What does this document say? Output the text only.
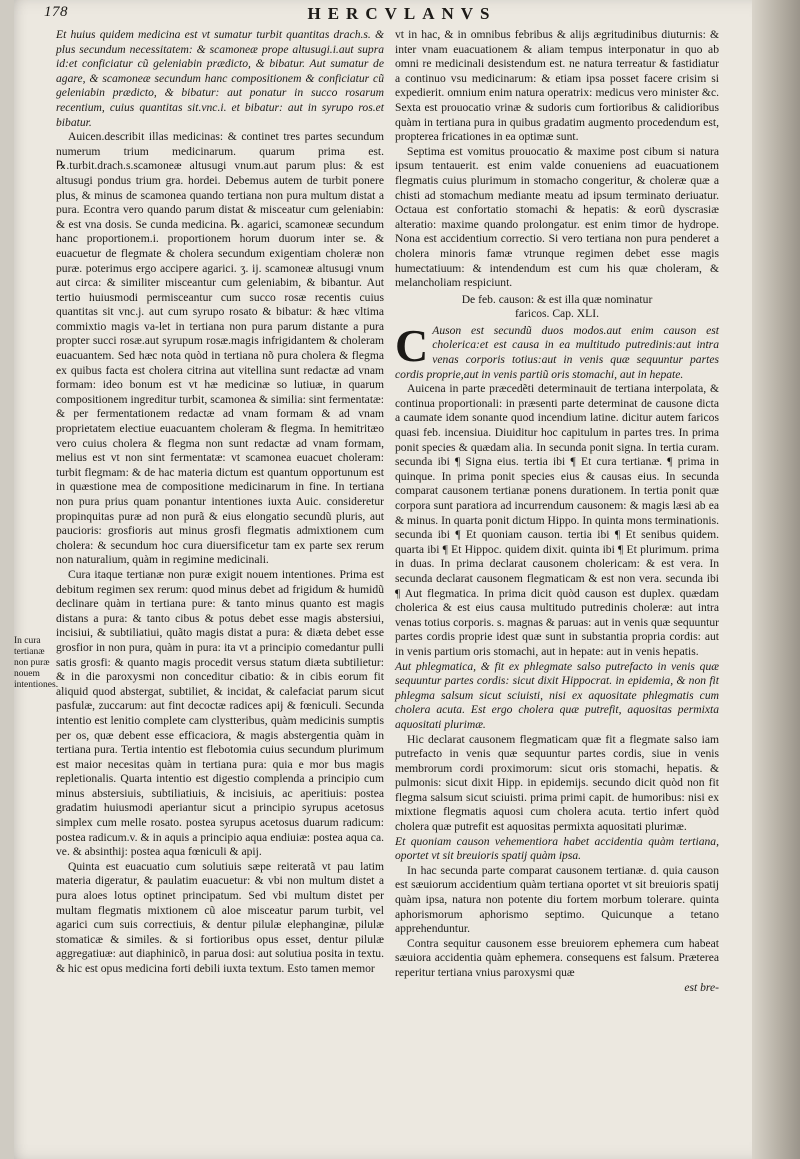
178	HERCVLANVS
In cura tertianæ non puræ nouem intentiones.

Et huius quidem medicina est vt sumatur turbit quantitas drach.s. & plus secundum necessitatem: & scamoneæ prope altusugi.i.aut supra id:et conficiatur cũ geleniabin prædicto, & bibatur. Aut sumatur de agare, & scamoneæ secundum hanc compositionem & conficiatur cũ geleniabin prædicto, & bibatur: aut ponatur in succo rosarum recentium, cuius quantitas sit.vnc.i. et bibatur: aut in syrupo ros.et bibatur.

Auicen.describit illas medicinas: & continet tres partes secundum numerum trium medicinarum. quarum prima est. ℞.turbit.drach.s.scamoneæ altusugi vnum.aut parum plus: & est altusugi pondus trium gra. hordei. Debemus autem de turbit ponere plus, & minus de scamonea quando tertiana non pura multum distat a pura. Econtra vero quando parum distat & misceatur cum geleniabin: & est vna dosis. Se cunda medicina. ℞. agarici, scamoneæ secundum hanc proportionem.i. proportionem horum duorum inter se. & euacuetur de flegmate & cholera secundum exigentiam choleræ non puræ. poterimus ergo accipere agarici. ʒ. ij. scamoneæ altusugi vnum aut circa: & similiter misceantur cum geleniabim, & bibantur. Aut tertio huiusmodi permisceantur cum succo rosæ recentis cuius quantitas sit vnc.j. aut cum syrupo rosato & bibatur: & hæc vltima commixtio magis va-let in tertiana non pura parum distante a pura propter succi rosæ.aut syrupum rosæ.magis infrigidantem & choleram euacuantem. Sed hæc nota quòd in tertiana nõ pura cholera & flegma ex quibus facta est cholera citrina aut vitellina sunt redactæ ad vnam formam: ideo bonum est vt hæ medicinæ so lutiuæ, in quarum compositionem ingreditur turbit, scamonea & similia: sint fermentatæ: & per fermentationem redactæ ad vnam formam & ad vnam proprietatem electiue euacuantem choleram & flegma. In hemitritæo vero cuius cholera & flegma non sunt redactæ ad vnam formam, melius est vt non sint fermentatæ: vt scamonea euacuet choleram: turbit flegmam: & de hac materia dictum est quantum opportunum est in quæstione mea de compositione medicinarum in fine. In tertiana non pura prius quam ponantur intentiones iuxta Auic. consideretur propinquitas puræ ad non purã & eius elongatio secundũ pluris, aut paucioris: grosfioris aut minus grosfi flegmatis admixtionem cum cholera: & secundum hoc cura diuersificetur tam ex parte sex rerum non naturalium, quàm in regimine medicinali.

Cura itaque tertianæ non puræ exigit nouem intentiones. Prima est debitum regimen sex rerum: quod minus debet ad frigidum & humidũ declinare quàm in tertiana pure: & tanto minus quanto est magis distans a pura: & tanto cibus & potus debet esse magis abstersiui, incisiui, & subtiliatiui, quãto magis distat a pura: & diæta debet esse grosfior in non pura, quàm in pura: ita vt a principio comedantur pulli satis grosfi: & quanto magis procedit versus statum diæta subtilietur: & in die paroxysmi non conceditur cibatio: & in cibis eorum fit aliquid quod abstergat, subtiliet, & incidat, & calefaciat parum sicut pasfulæ, zuccarum: aut fint decoctæ radices apij & fœniculi. Secunda intentio est lenitio complete cam clystteribus, quàm medicinis sumptis per os, quæ debent esse efficaciora, & magis abstergentia quàm in tertiana pura. Tertia intentio est flebotomia cuius secundum plurimum est maior necesitas quàm in tertiana pura: quia e mor bus magis repletionalis. Quarta intentio est digestio complenda a principio cum minus abstersiuis, subtiliatiuis, & incisiuis, ac aperitiuis: postea gradatim huiusmodi aperiantur sicut a principio syrupus acetosus simplex cum melle rosato. postea syrupus acetosus duarum radicum: postea radicum.v. & in aquis a principio aqua endiuiæ: postea aqua ca. ve. & absinthij: postea aqua fœniculi & apij.

Quinta est euacuatio cum solutiuis sæpe reiteratã vt pau latim materia digeratur, & paulatim euacuetur: & vbi non multum distet a pura aloes lotus optinet principatum. Sed vbi multum distet per multam flegmatis mixtionem cũ aloe misceatur parum turbit, vel agarici cum suis correctiuis, & dentur pilulæ elephanginæ, pilulæ stomaticæ & similes. & si fortioribus opus esset, dentur pilulæ aggregatiuæ: aut diaphinicõ, in parua dosi: aut solutiua posita in textu. & hic est opus medicina forti debili iuxta textum. Esto tamen memor

vt in hac, & in omnibus febribus & alijs ægritudinibus diuturnis: & inter vnam euacuationem & aliam tempus interponatur in quo ab omni re medicinali desistendum est. ne natura terreatur & fastidiatur a continuo vsu medicinarum: & etiam ipsa posset facere crisim si expedierit. omnium enim natura operatrix: medicus vero minister &c. Sexta est prouocatio vrinæ & sudoris cum fortioribus & calidioribus quàm in tertiana pura in quibus gradatim augmento procedendum est, propterea fricationes in ea optimæ sunt.

Septima est vomitus prouocatio & maxime post cibum si natura ipsum tentauerit. est enim valde conueniens ad euacuationem flegmatis cuius plurimum in stomacho congeritur, & choleræ quæ a chisti ad stomachum mediante meatu ad ipsum terminato deriuatur. Octaua est confortatio stomachi & hepatis: & eorũ dyscrasiæ alteratio: maxime quando prolongatur. est enim timor de hydrope. Nona est accidentium correctio. Si vero tertiana non pura penderet a cholera minoris famæ vtrunque regimen debet esse magis humectatiuum: & intendendum est cum his quæ choleram, & melancholiam respiciunt.

De feb. causon: & est illa quæ nominatur
faricos. Cap. XLI.

C Auson est secundũ duos modos.aut enim causon est cholerica:et est causa in ea multitudo putredinis:aut intra venas corporis totius:aut in venis quæ sequuntur partes cordis proprie,aut in venis partiũ oris stomachi, aut in hepate.

Auicena in parte præcedẽti determinauit de tertiana interpolata, & continua proportionali: in præsenti parte determinat de causone dicta a caumate idem sonante quod incendium latine. dicitur autem faricos quasi feb. incensiua. Diuiditur hoc capitulum in partes tres. In prima ponit species & quædam alia. In secunda ponit signa. In tertia curam. secunda ibi ¶ Signa eius. tertia ibi ¶ Et cura tertianæ. ¶ prima in quinque. In prima ponit species eius & causas eius. In secunda comparat causonem tertianæ ponens durationem. In tertia ponit quæ corpora sunt paratiora ad incurrendum causonem: & magis læsi ab ea & minus. In quarta ponit dictum Hippo. In quinta mons terminationis. secunda ibi ¶ Et quoniam causon. tertia ibi ¶ Et senibus quidem. quarta ibi ¶ Et Hippoc. quidem dixit. quinta ibi ¶ Et plurimum. prima in duas. In prima declarat causonem cholericam: & est vera. In secunda declarat causonem flegmaticam & est non vera. secunda ibi ¶ Aut flegmatica. In prima dicit quòd causon est duplex. quædam cholerica & est eius causa multitudo putredinis choleræ: aut intra venas totius corporis. s. magnas & paruas: aut in venis quæ sequuntur partes cordis proprie idest quæ sunt in substantia propria cordis: aut in venis partium oris stomachi, aut in hepate: aut in venis hepatis.

Aut phlegmatica, & fit ex phlegmate salso putrefacto in venis quæ sequuntur partes cordis: sicut dixit Hippocrat. in epidemia, & non fit phlegma salsum sicut sciuisti, nisi ex aquositate phlegmatis cum cholera acuta. Est ergo cholera quæ putrefit, aquositas permixta aquositati plurimæ.

Hic declarat causonem flegmaticam quæ fit a flegmate salso iam putrefacto in venis quæ sequuntur partes cordis, siue in venis membrorum cordi proximorum: sicut oris stomachi, hepatis. & pulmonis: sicut dixit Hipp. in epidemijs. secundo dicit quòd non fit flegma salsum sicut sciuisti. prima primi capit. de humoribus: nisi ex mixtione flegmatis aquosi cum cholera acuta. tertio infert quòd cholera quæ putrefit est aquositas permixta aquositati plurimæ.

Et quoniam causon vehementiora habet accidentia quàm tertiana, oportet vt sit breuioris spatij quàm ipsa.

In hac secunda parte comparat causonem tertianæ. d. quia causon est sæuiorum accidentium quàm tertiana oportet vt sit breuioris spatij quàm ipsa, natura non potente diu fortem morbum tolerare. quinta aphorismorum aphorismo septimo. Quicunque a tetano apprehenduntur.

Contra sequitur causonem esse breuiorem ephemera cum habeat sæuiora accidentia quàm ephemera. consequens est falsum. Præterea reperitur tertiana vnius paroxysmi quæ

est bre-
